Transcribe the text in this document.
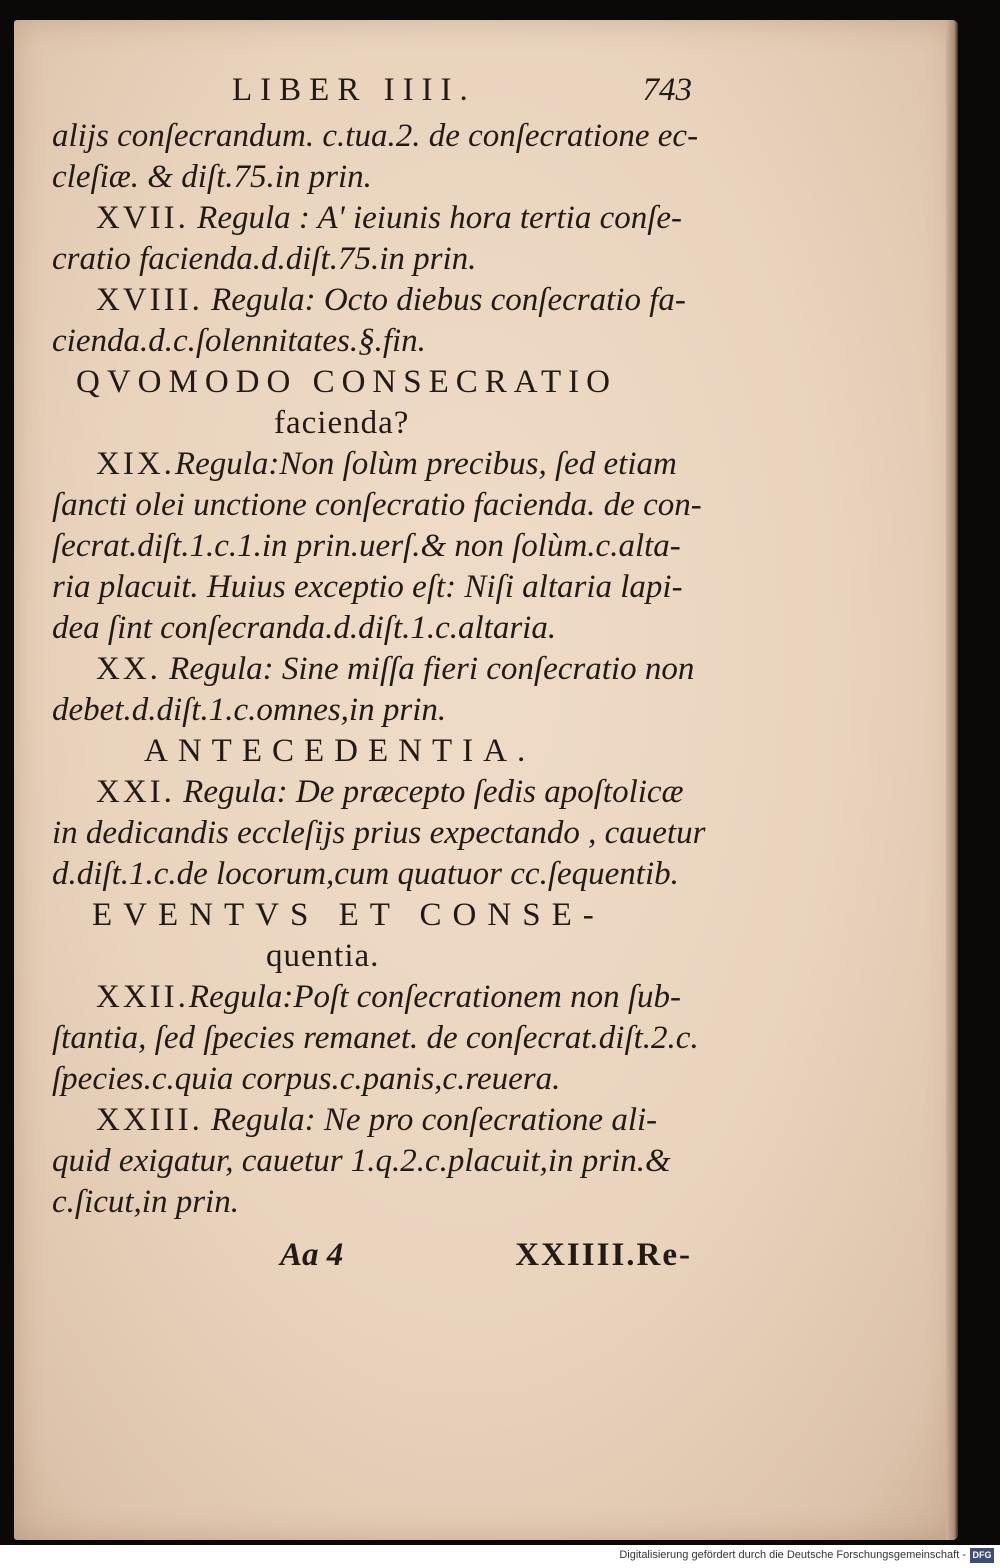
LIBER IIII.	743
alijs conſecrandum. c.tua.2. de conſecratione ec-
cleſiæ. & diſt.75.in prin.
XVII. Regula : A' ieiunis hora tertia conſe-
cratio facienda.d.diſt.75.in prin.
XVIII. Regula: Octo diebus conſecratio fa-
cienda.d.c.ſolennitates.§.fin.
QVOMODO CONSECRATIO
facienda?
XIX.Regula:Non ſolùm precibus, ſed etiam
ſancti olei unctione conſecratio facienda. de con-
ſecrat.diſt.1.c.1.in prin.uerſ.& non ſolùm.c.alta-
ria placuit. Huius exceptio eſt: Niſi altaria lapi-
dea ſint conſecranda.d.diſt.1.c.altaria.
XX. Regula: Sine miſſa fieri conſecratio non
debet.d.diſt.1.c.omnes,in prin.
ANTECEDENTIA.
XXI. Regula: De præcepto ſedis apoſtolicæ
in dedicandis eccleſijs prius expectando , cauetur
d.diſt.1.c.de locorum,cum quatuor cc.ſequentib.
EVENTVS ET CONSE-
quentia.
XXII.Regula:Poſt conſecrationem non ſub-
ſtantia, ſed ſpecies remanet. de conſecrat.diſt.2.c.
ſpecies.c.quia corpus.c.panis,c.reuera.
XXIII. Regula: Ne pro conſecratione ali-
quid exigatur, cauetur 1.q.2.c.placuit,in prin.&
c.ſicut,in prin.
Aa 4	XXIIII.Re-
Digitalisierung gefördert durch die Deutsche Forschungsgemeinschaft - DFG
